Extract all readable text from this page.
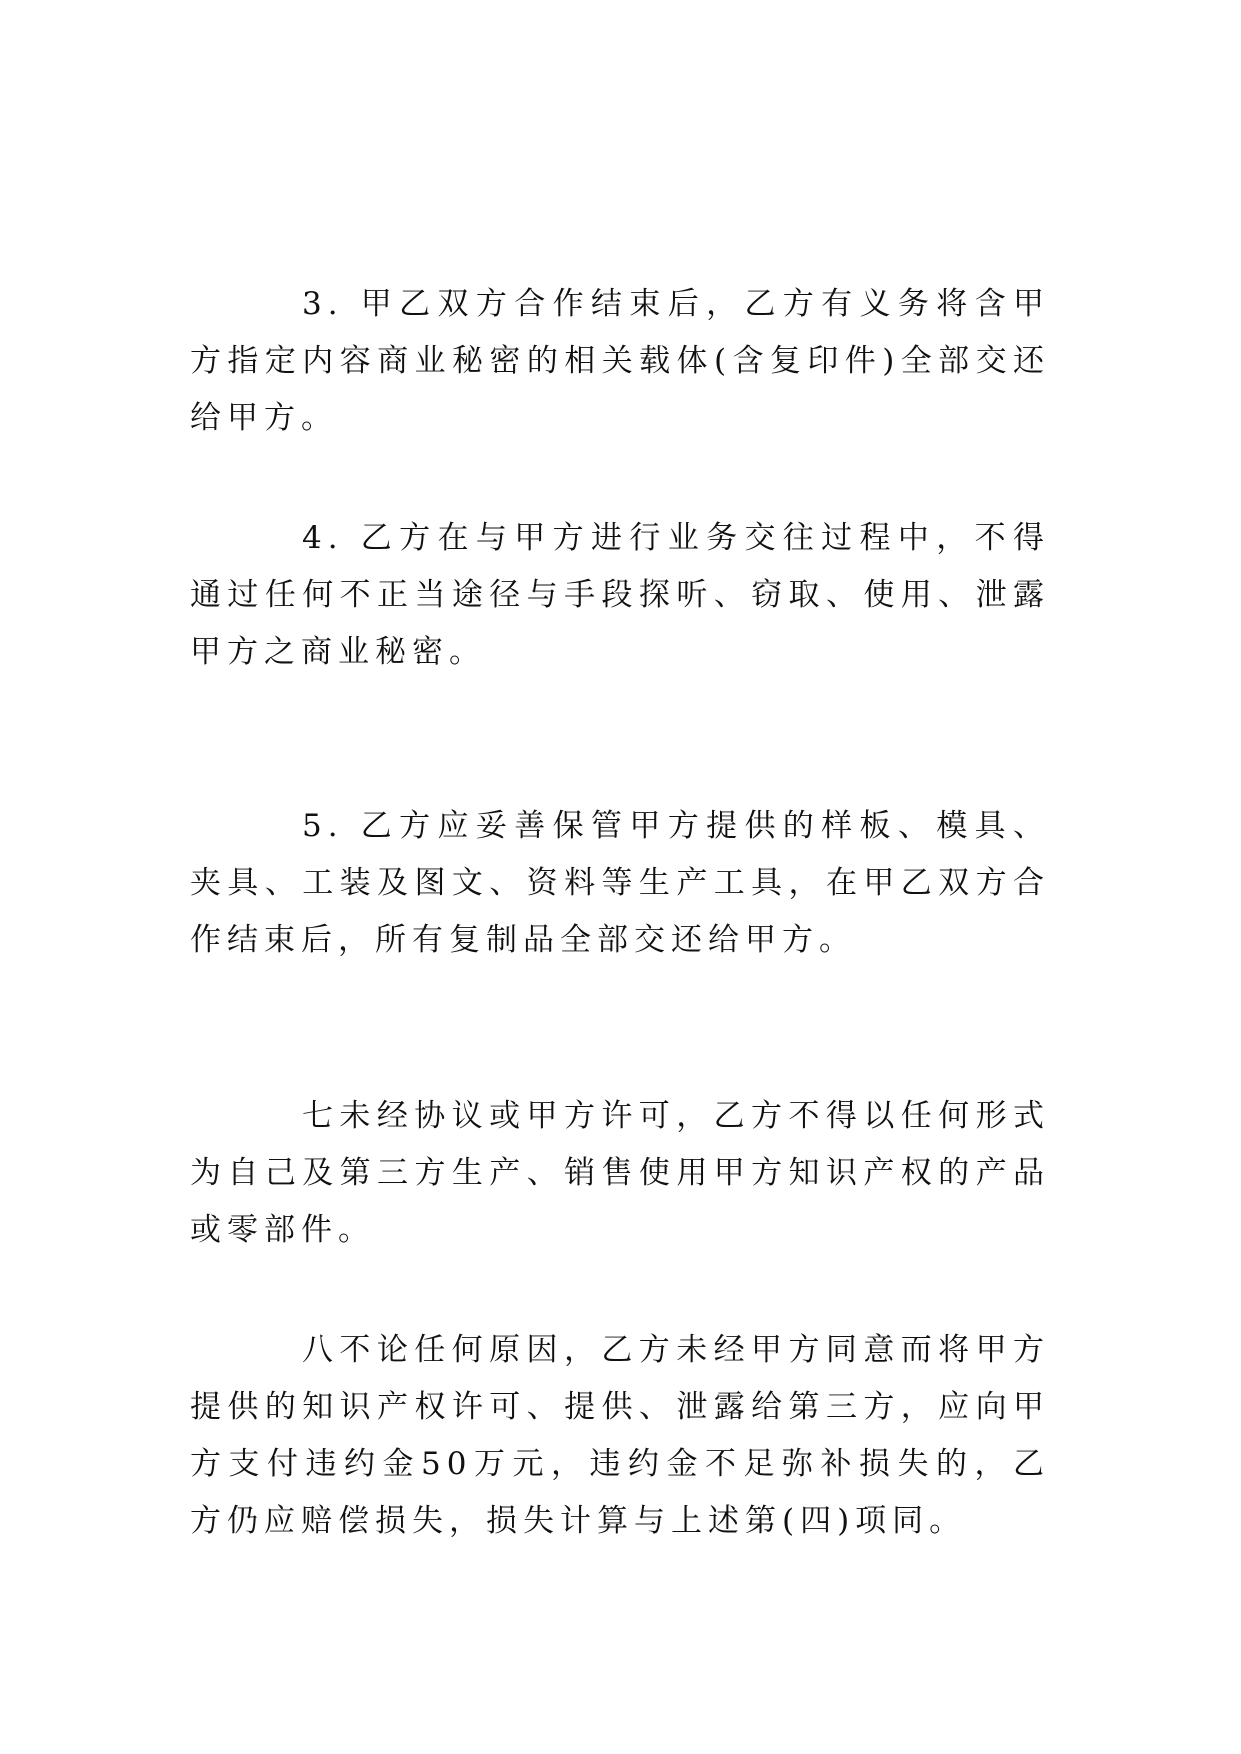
3. 甲乙双方合作结束后，乙方有义务将含甲方指定内容商业秘密的相关载体(含复印件)全部交还给甲方。

4. 乙方在与甲方进行业务交往过程中，不得通过任何不正当途径与手段探听、窃取、使用、泄露甲方之商业秘密。

5. 乙方应妥善保管甲方提供的样板、模具、夹具、工装及图文、资料等生产工具，在甲乙双方合作结束后，所有复制品全部交还给甲方。

七未经协议或甲方许可，乙方不得以任何形式为自己及第三方生产、销售使用甲方知识产权的产品或零部件。

八不论任何原因，乙方未经甲方同意而将甲方提供的知识产权许可、提供、泄露给第三方，应向甲方支付违约金50万元，违约金不足弥补损失的，乙方仍应赔偿损失，损失计算与上述第(四)项同。
